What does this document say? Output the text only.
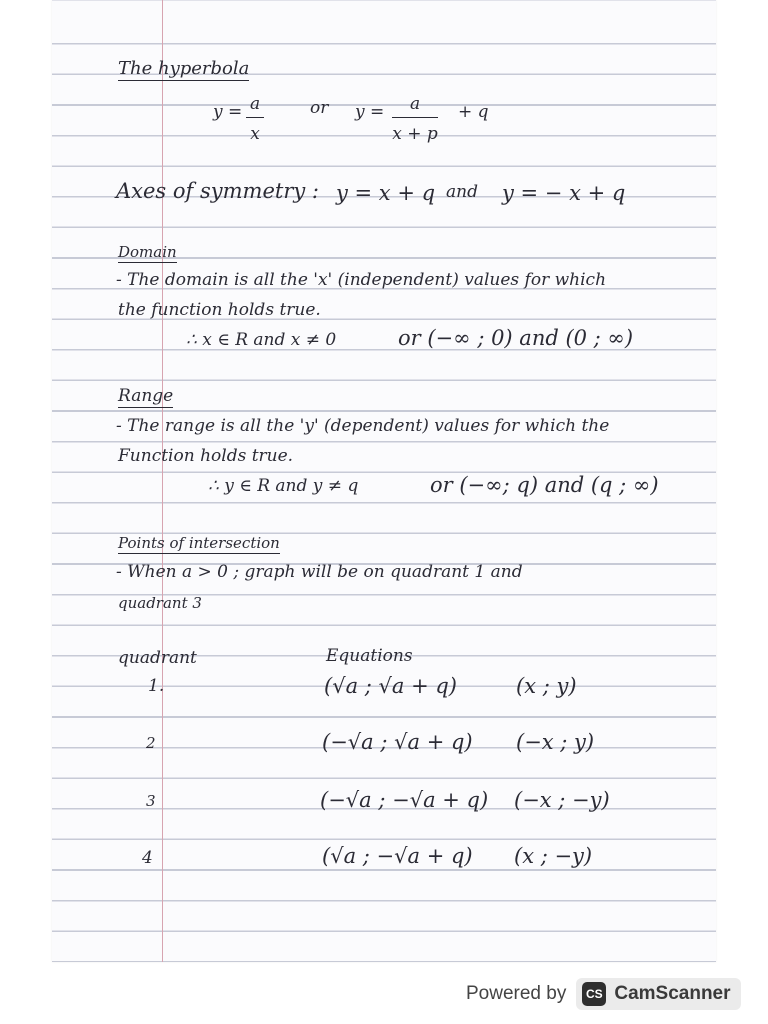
The hyperbola
$y = \frac{a}{x}$	or $y = \frac{a}{x + p} + q$
Axes of symmetry : y = x + q and y = − x + q
Domain
- The domain is all the 'x' (independent) values for which
the function holds true.
∴ x ∈ R and x ≠ 0	or (−∞ ; 0) and (0 ; ∞)
Range
- The range is all the 'y' (dependent) values for which the
Function holds true.
∴ y ∈ R and y ≠ q	or (−∞; q) and (q ; ∞)
Points of intersection
- When a > 0 ; graph will be on quadrant 1 and
quadrant 3
quadrant	Equations
1.	(√a ; √a + q)	(x ; y)
2	(−√a ; √a + q) (−x ; y)
3	(−√a ; −√a + q) (−x ; −y)
4	(√a ; −√a + q) (x ; −y)
Powered by	CS CamScanner
